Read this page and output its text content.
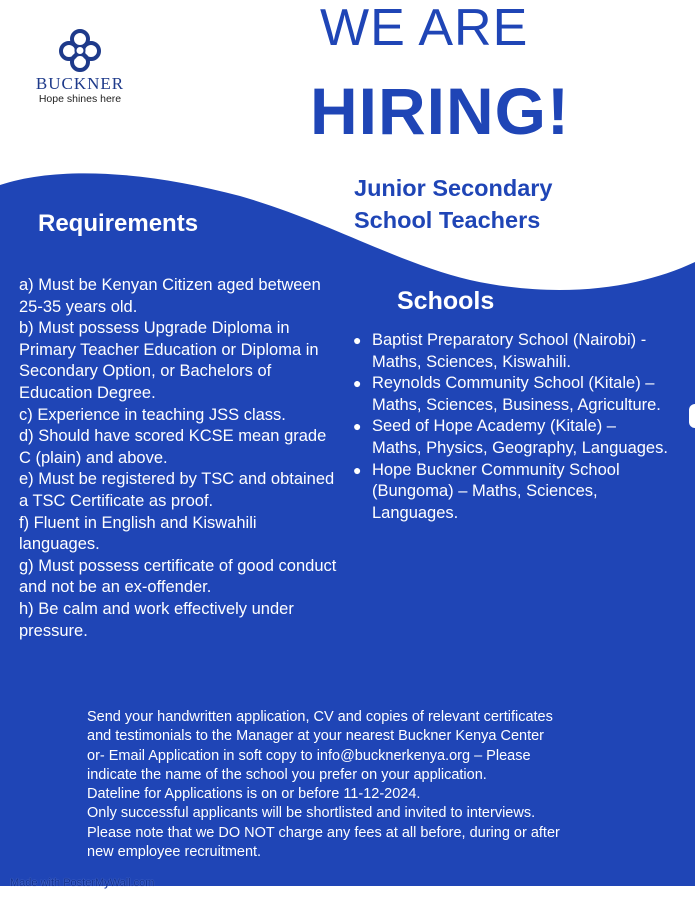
BUCKNER
Hope shines here
WE ARE
HIRING!
Junior Secondary
School Teachers
Requirements
a) Must be Kenyan Citizen aged between 25-35 years old.
b) Must possess Upgrade Diploma in Primary Teacher Education or Diploma in Secondary Option, or Bachelors of Education Degree.
c) Experience in teaching JSS class.
d) Should have scored KCSE mean grade C (plain) and above.
e) Must be registered by TSC and obtained a TSC Certificate as proof.
f) Fluent in English and Kiswahili languages.
g) Must possess certificate of good conduct and not be an ex-offender.
h) Be calm and work effectively under pressure.
Schools
● Baptist Preparatory School (Nairobi) - Maths, Sciences, Kiswahili.
● Reynolds Community School (Kitale) – Maths, Sciences, Business, Agriculture.
● Seed of Hope Academy (Kitale) – Maths, Physics, Geography, Languages.
● Hope Buckner Community School (Bungoma) – Maths, Sciences, Languages.
Send your handwritten application, CV and copies of relevant certificates
and testimonials to the Manager at your nearest Buckner Kenya Center
or- Email Application in soft copy to info@bucknerkenya.org – Please
indicate the name of the school you prefer on your application.
Dateline for Applications is on or before 11-12-2024.
Only successful applicants will be shortlisted and invited to interviews.
Please note that we DO NOT charge any fees at all before, during or after
new employee recruitment.
Made with PosterMyWall.com
